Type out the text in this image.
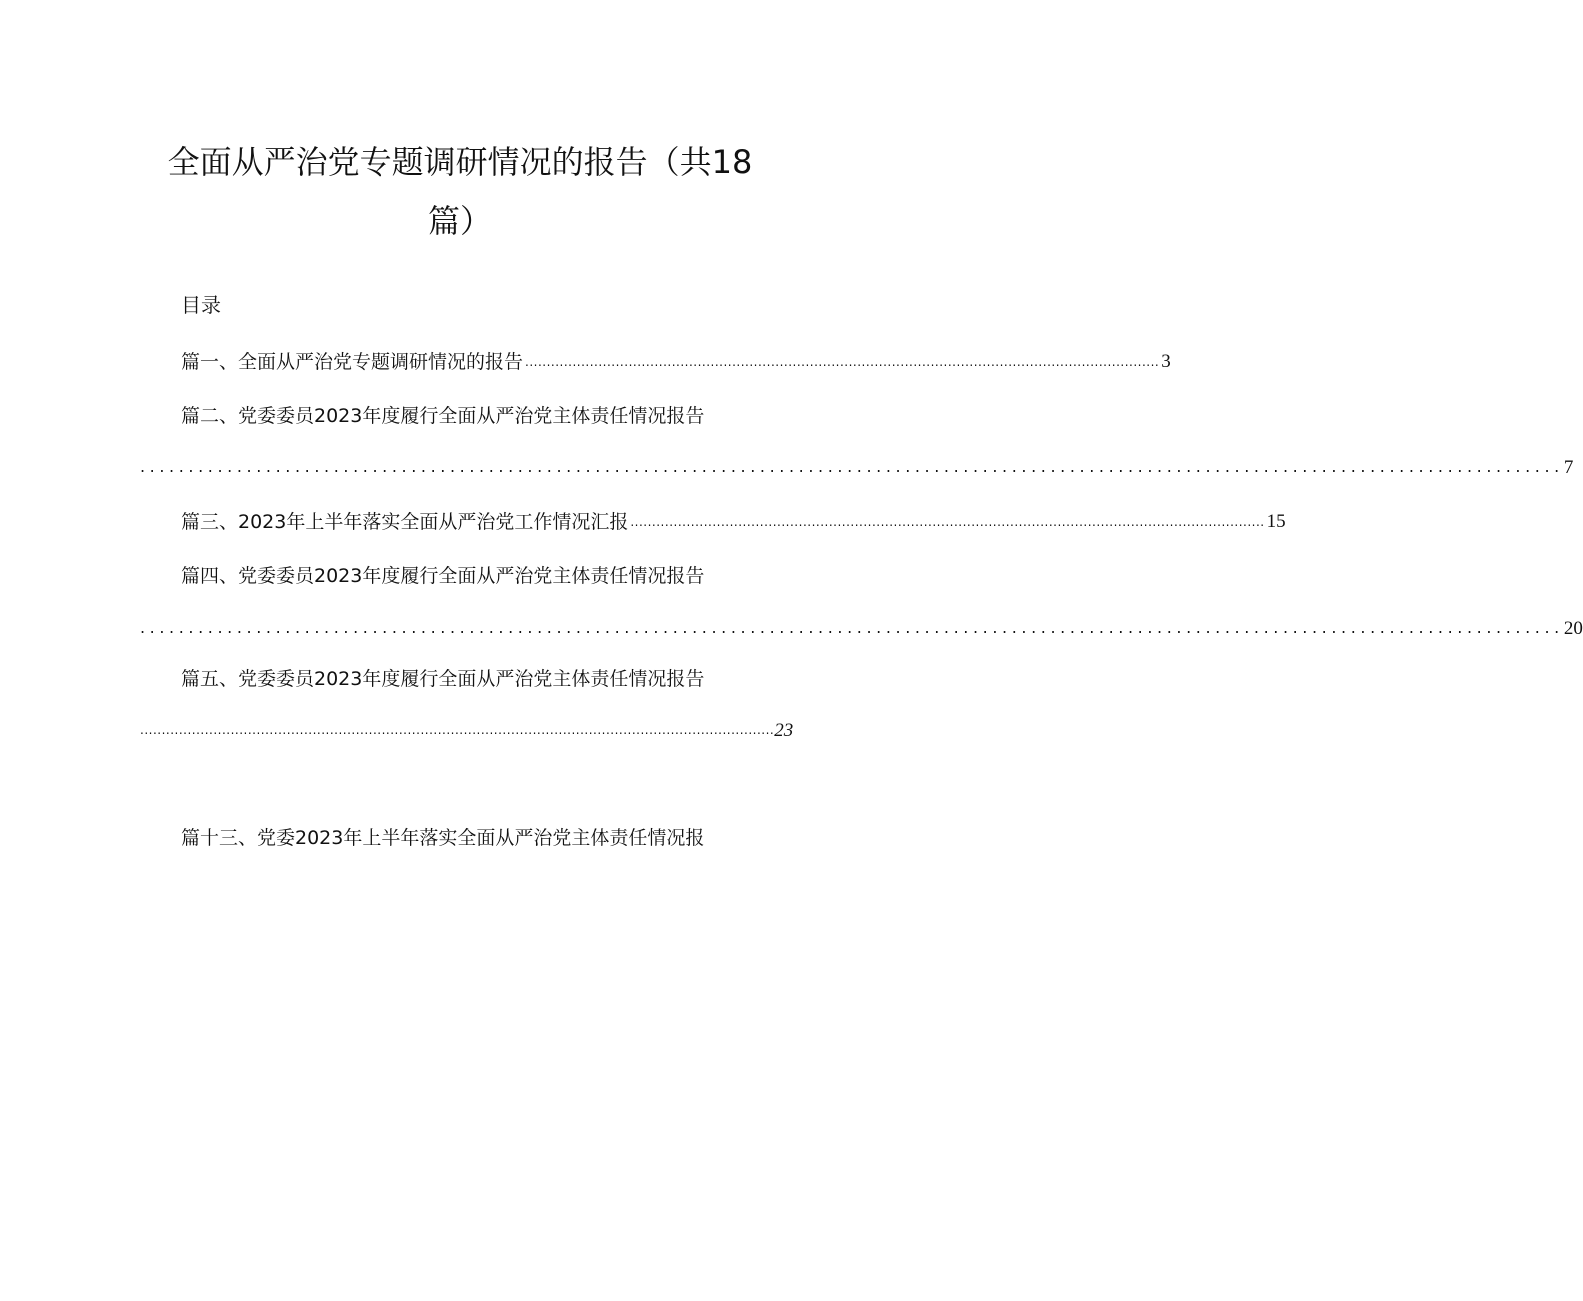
全面从严治党专题调研情况的报告（共18
篇）
目录
篇一、全面从严治党专题调研情况的报告 ................................................................................................................................................... 3
篇二、党委委员2023年度履行全面从严治党主体责任情况报告
................................................................................................................................................... 7
篇三、2023年上半年落实全面从严治党工作情况汇报 ................................................................................................................................................... 15
篇四、党委委员2023年度履行全面从严治党主体责任情况报告
................................................................................................................................................... 20
篇五、党委委员2023年度履行全面从严治党主体责任情况报告
................................................................................................................................................... 23
篇十三、党委2023年上半年落实全面从严治党主体责任情况报
